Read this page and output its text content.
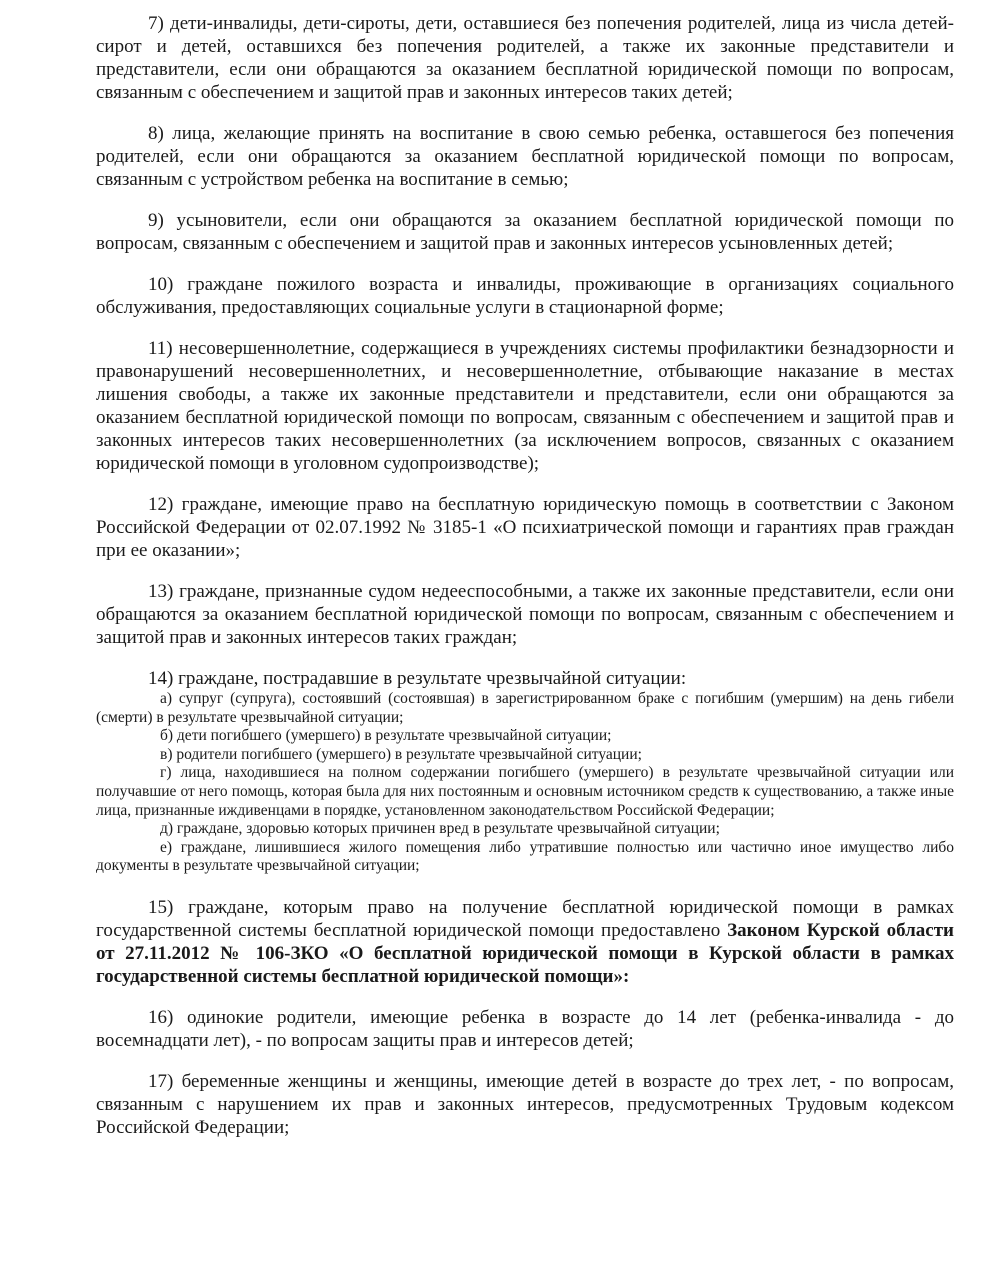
7) дети-инвалиды, дети-сироты, дети, оставшиеся без попечения родителей, лица из числа детей-сирот и детей, оставшихся без попечения родителей, а также их законные представители и представители, если они обращаются за оказанием бесплатной юридической помощи по вопросам, связанным с обеспечением и защитой прав и законных интересов таких детей;

8) лица, желающие принять на воспитание в свою семью ребенка, оставшегося без попечения родителей, если они обращаются за оказанием бесплатной юридической помощи по вопросам, связанным с устройством ребенка на воспитание в семью;

9) усыновители, если они обращаются за оказанием бесплатной юридической помощи по вопросам, связанным с обеспечением и защитой прав и законных интересов усыновленных детей;

10) граждане пожилого возраста и инвалиды, проживающие в организациях социального обслуживания, предоставляющих социальные услуги в стационарной форме;

11) несовершеннолетние, содержащиеся в учреждениях системы профилактики безнадзорности и правонарушений несовершеннолетних, и несовершеннолетние, отбывающие наказание в местах лишения свободы, а также их законные представители и представители, если они обращаются за оказанием бесплатной юридической помощи по вопросам, связанным с обеспечением и защитой прав и законных интересов таких несовершеннолетних (за исключением вопросов, связанных с оказанием юридической помощи в уголовном судопроизводстве);

12) граждане, имеющие право на бесплатную юридическую помощь в соответствии с Законом Российской Федерации от 02.07.1992 № 3185-1 «О психиатрической помощи и гарантиях прав граждан при ее оказании»;

13) граждане, признанные судом недееспособными, а также их законные представители, если они обращаются за оказанием бесплатной юридической помощи по вопросам, связанным с обеспечением и защитой прав и законных интересов таких граждан;

14) граждане, пострадавшие в результате чрезвычайной ситуации:

а) супруг (супруга), состоявший (состоявшая) в зарегистрированном браке с погибшим (умершим) на день гибели (смерти) в результате чрезвычайной ситуации;

б) дети погибшего (умершего) в результате чрезвычайной ситуации;

в) родители погибшего (умершего) в результате чрезвычайной ситуации;

г) лица, находившиеся на полном содержании погибшего (умершего) в результате чрезвычайной ситуации или получавшие от него помощь, которая была для них постоянным и основным источником средств к существованию, а также иные лица, признанные иждивенцами в порядке, установленном законодательством Российской Федерации;

д) граждане, здоровью которых причинен вред в результате чрезвычайной ситуации;

е) граждане, лишившиеся жилого помещения либо утратившие полностью или частично иное имущество либо документы в результате чрезвычайной ситуации;

15) граждане, которым право на получение бесплатной юридической помощи в рамках государственной системы бесплатной юридической помощи предоставлено Законом Курской области от 27.11.2012 № 106-ЗКО «О бесплатной юридической помощи в Курской области в рамках государственной системы бесплатной юридической помощи»:

16) одинокие родители, имеющие ребенка в возрасте до 14 лет (ребенка-инвалида - до восемнадцати лет), - по вопросам защиты прав и интересов детей;

17) беременные женщины и женщины, имеющие детей в возрасте до трех лет, - по вопросам, связанным с нарушением их прав и законных интересов, предусмотренных Трудовым кодексом Российской Федерации;
